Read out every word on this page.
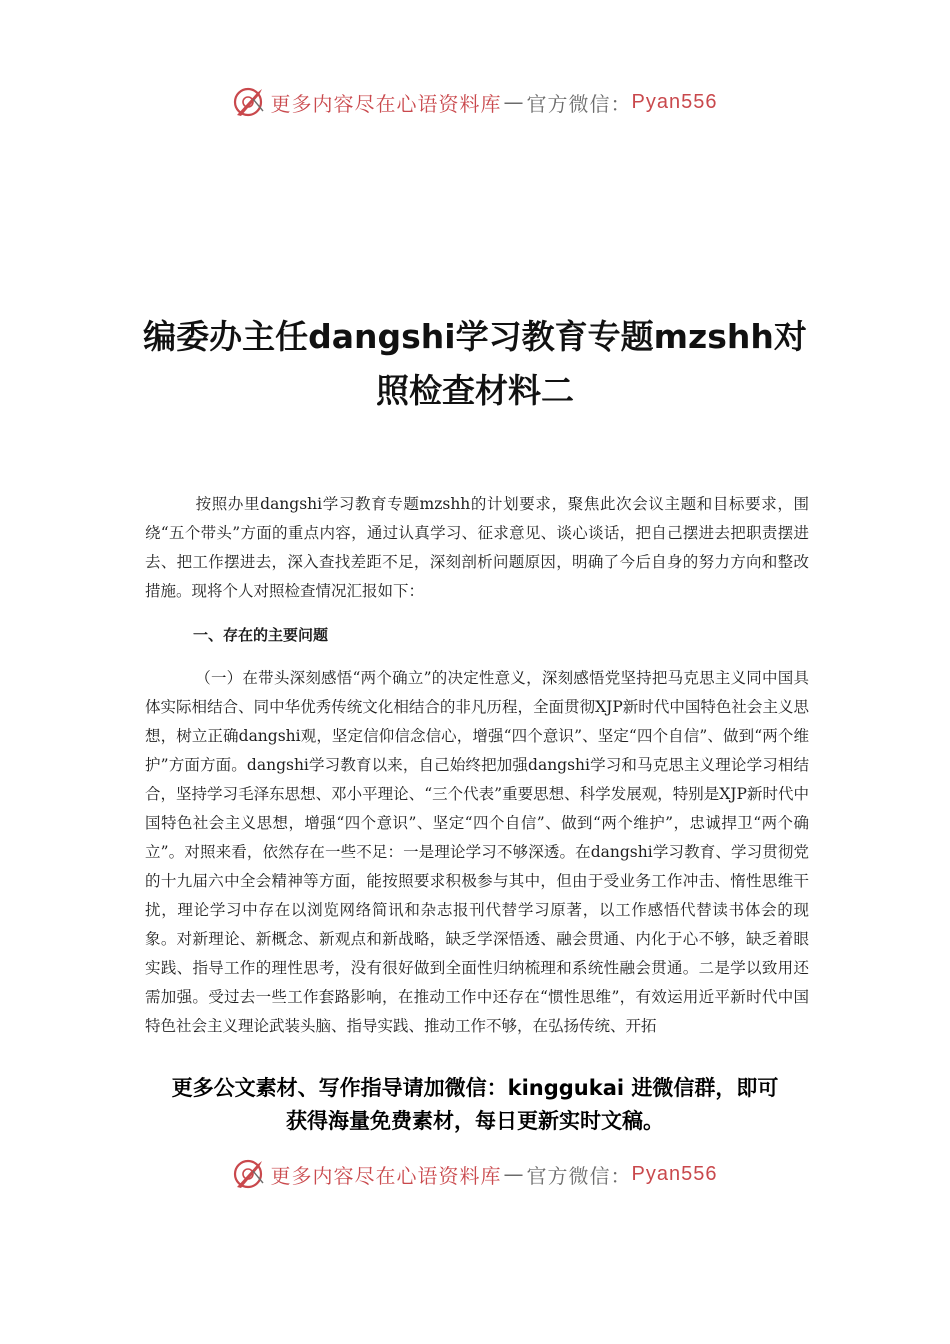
更多内容尽在心语资料库 — 官方微信： Pyan556
编委办主任dangshi学习教育专题mzshh对
照检查材料二
按照办里dangshi学习教育专题mzshh的计划要求，聚焦此次会议主题和目标要求，围绕“五个带头”方面的重点内容，通过认真学习、征求意见、谈心谈话，把自己摆进去把职责摆进去、把工作摆进去，深入查找差距不足，深刻剖析问题原因，明确了今后自身的努力方向和整改措施。现将个人对照检查情况汇报如下：
一、存在的主要问题
（一）在带头深刻感悟“两个确立”的决定性意义，深刻感悟党坚持把马克思主义同中国具体实际相结合、同中华优秀传统文化相结合的非凡历程，全面贯彻XJP新时代中国特色社会主义思想，树立正确dangshi观，坚定信仰信念信心，增强“四个意识”、坚定“四个自信”、做到“两个维护”方面方面。dangshi学习教育以来，自己始终把加强dangshi学习和马克思主义理论学习相结合，坚持学习毛泽东思想、邓小平理论、“三个代表”重要思想、科学发展观，特别是XJP新时代中国特色社会主义思想，增强“四个意识”、坚定“四个自信”、做到“两个维护”，忠诚捍卫“两个确立”。对照来看，依然存在一些不足：一是理论学习不够深透。在dangshi学习教育、学习贯彻党的十九届六中全会精神等方面，能按照要求积极参与其中，但由于受业务工作冲击、惰性思维干扰，理论学习中存在以浏览网络简讯和杂志报刊代替学习原著，以工作感悟代替读书体会的现象。对新理论、新概念、新观点和新战略，缺乏学深悟透、融会贯通、内化于心不够，缺乏着眼实践、指导工作的理性思考，没有很好做到全面性归纳梳理和系统性融会贯通。二是学以致用还需加强。受过去一些工作套路影响，在推动工作中还存在“惯性思维”，有效运用近平新时代中国特色社会主义理论武装头脑、指导实践、推动工作不够，在弘扬传统、开拓
更多公文素材、写作指导请加微信：kinggukai 进微信群，即可
获得海量免费素材，每日更新实时文稿。
更多内容尽在心语资料库 — 官方微信： Pyan556
